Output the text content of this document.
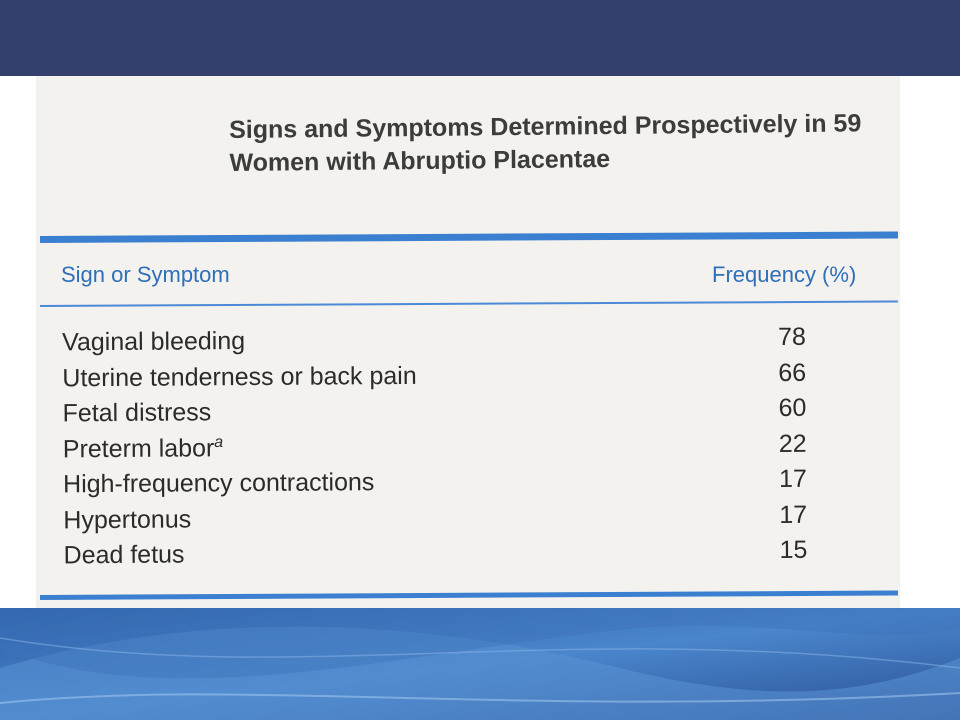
Signs and Symptoms Determined Prospectively in 59 Women with Abruptio Placentae
Sign or Symptom	Frequency (%)
Vaginal bleeding	78
Uterine tenderness or back pain	66
Fetal distress	60
Preterm labor$^a$	22
High-frequency contractions	17
Hypertonus	17
Dead fetus	15
